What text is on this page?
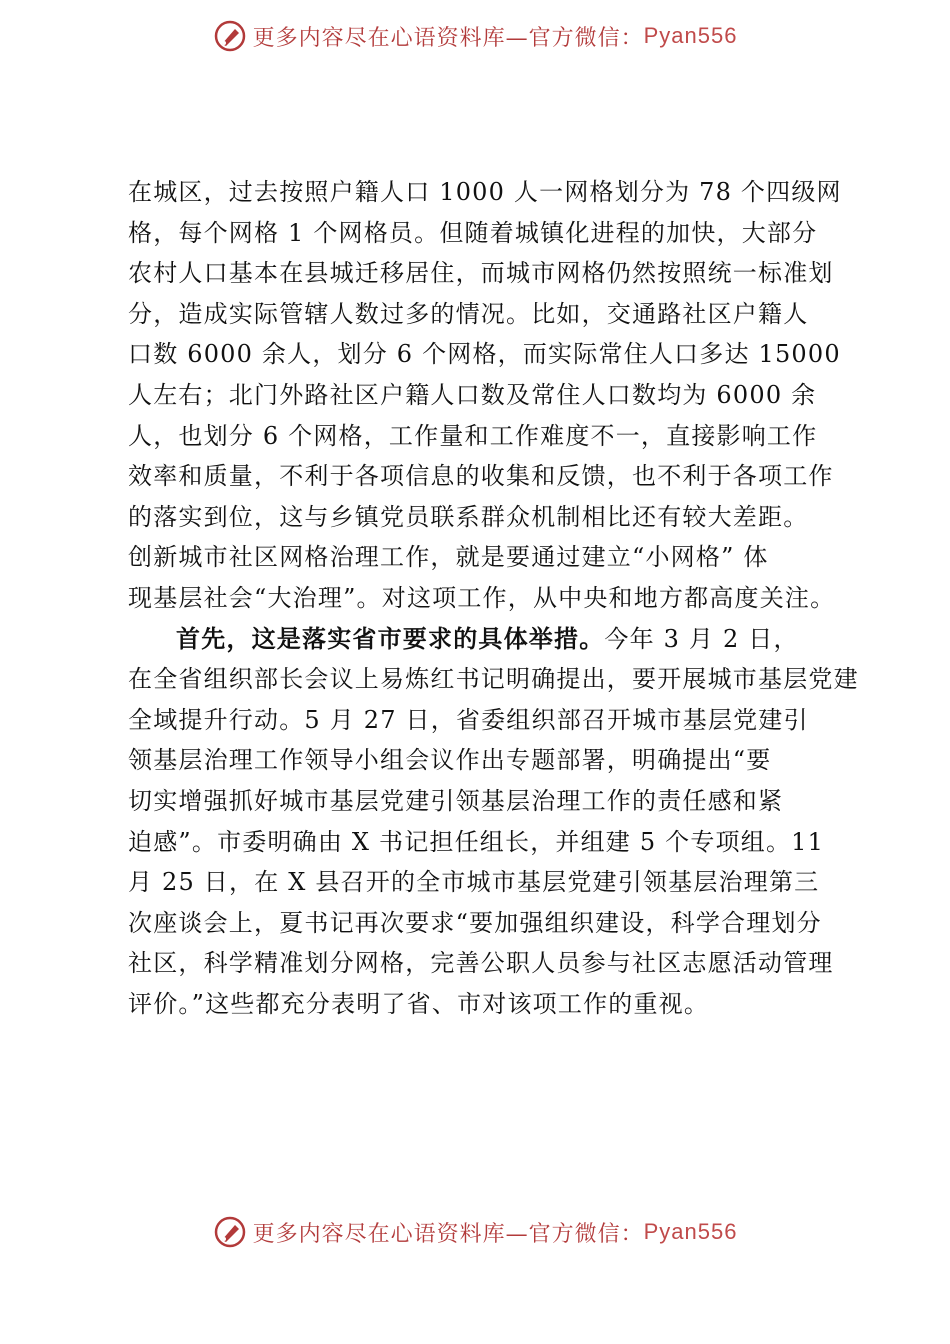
更多内容尽在心语资料库—官方微信： Pyan556
在城区，过去按照户籍人口 1000 人一网格划分为 78 个四级网
格，每个网格 1 个网格员。但随着城镇化进程的加快，大部分
农村人口基本在县城迁移居住，而城市网格仍然按照统一标准划
分，造成实际管辖人数过多的情况。比如，交通路社区户籍人
口数 6000 余人，划分 6 个网格，而实际常住人口多达 15000
人左右；北门外路社区户籍人口数及常住人口数均为 6000 余
人，也划分 6 个网格，工作量和工作难度不一，直接影响工作
效率和质量，不利于各项信息的收集和反馈，也不利于各项工作
的落实到位，这与乡镇党员联系群众机制相比还有较大差距。
创新城市社区网格治理工作，就是要通过建立“小网格” 体
现基层社会“大治理”。对这项工作，从中央和地方都高度关注。
首先，这是落实省市要求的具体举措。今年 3 月 2 日，
在全省组织部长会议上易炼红书记明确提出，要开展城市基层党建
全域提升行动。5 月 27 日，省委组织部召开城市基层党建引
领基层治理工作领导小组会议作出专题部署，明确提出“要
切实增强抓好城市基层党建引领基层治理工作的责任感和紧
迫感”。市委明确由 X 书记担任组长，并组建 5 个专项组。11
月 25 日，在 X 县召开的全市城市基层党建引领基层治理第三
次座谈会上，夏书记再次要求“要加强组织建设，科学合理划分
社区，科学精准划分网格，完善公职人员参与社区志愿活动管理
评价。”这些都充分表明了省、市对该项工作的重视。
更多内容尽在心语资料库—官方微信： Pyan556
